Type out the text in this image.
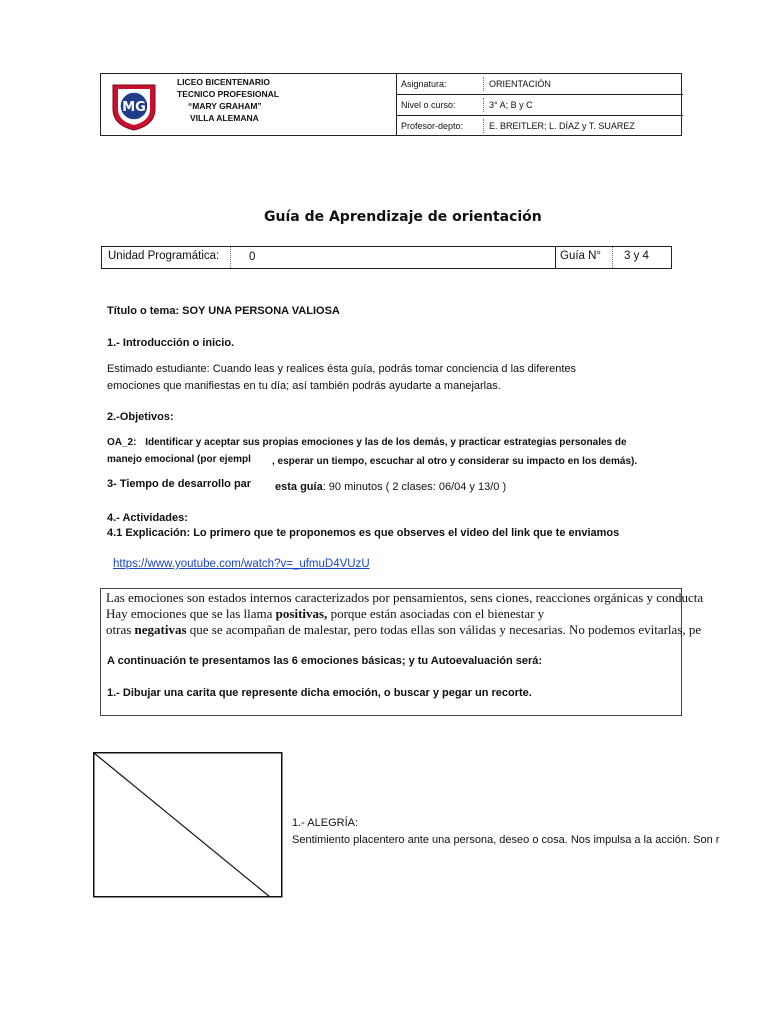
MG
LICEO BICENTENARIO
TECNICO PROFESIONAL
“MARY GRAHAM”
VILLA ALEMANA
Asignatura:	ORIENTACIÓN
Nivel o curso:	3° A; B y C
Profesor-depto:	E. BREITLER; L. DÍAZ y T. SUAREZ
Guía de Aprendizaje de orientación
Unidad Programática:	0	Guía N° 3 y 4
Título o tema: SOY UNA PERSONA VALIOSA
1.- Introducción o inicio.
Estimado estudiante: Cuando leas y realices ésta guía, podrás tomar conciencia d las diferentes
emociones que manifiestas en tu día; así también podrás ayudarte a manejarlas.
2.-Objetivos:
OA_2: Identificar y aceptar sus propias emociones y las de los demás, y practicar estrategias personales de
manejo emocional (por ejempl , esperar un tiempo, escuchar al otro y considerar su impacto en los demás).
3- Tiempo de desarrollo par esta guía: 90 minutos ( 2 clases: 06/04 y 13/0 )
4.- Actividades:
4.1 Explicación: Lo primero que te proponemos es que observes el video del link que te enviamos
https://www.youtube.com/watch?v=_ufmuD4VUzU
Las emociones son estados internos caracterizados por pensamientos, sens ciones, reacciones orgánicas y conducta
Hay emociones que se las llama positivas, porque están asociadas con el bienestar y
otras negativas que se acompañan de malestar, pero todas ellas son válidas y necesarias. No podemos evitarlas, pe
A continuación te presentamos las 6 emociones básicas; y tu Autoevaluación será:
1.- Dibujar una carita que represente dicha emoción, o buscar y pegar un recorte.
1.- ALEGRÍA:
Sentimiento placentero ante una persona, deseo o cosa. Nos impulsa a la acción. Son r
